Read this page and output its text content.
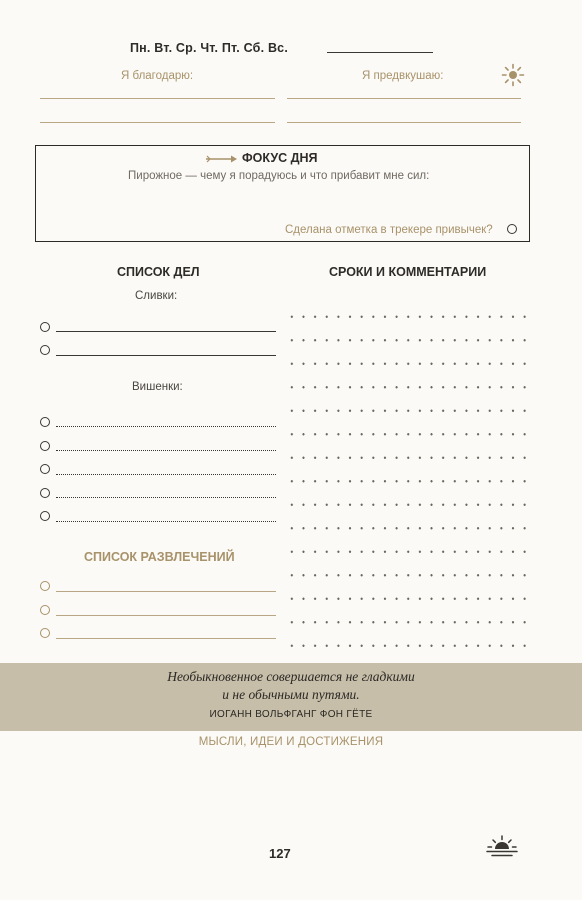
Пн. Вт. Ср. Чт. Пт. Сб. Вс.
Я благодарю:	Я предвкушаю:
ФОКУС ДНЯ
Пирожное — чему я порадуюсь и что прибавит мне сил:
Сделана отметка в трекере привычек?
СПИСОК ДЕЛ	СРОКИ И КОММЕНТАРИИ
Сливки:
Вишенки:
СПИСОК РАЗВЛЕЧЕНИЙ
Необыкновенное совершается не гладкими
и не обычными путями.
ИОГАНН ВОЛЬФГАНГ ФОН ГЁТЕ
МЫСЛИ, ИДЕИ И ДОСТИЖЕНИЯ
127
